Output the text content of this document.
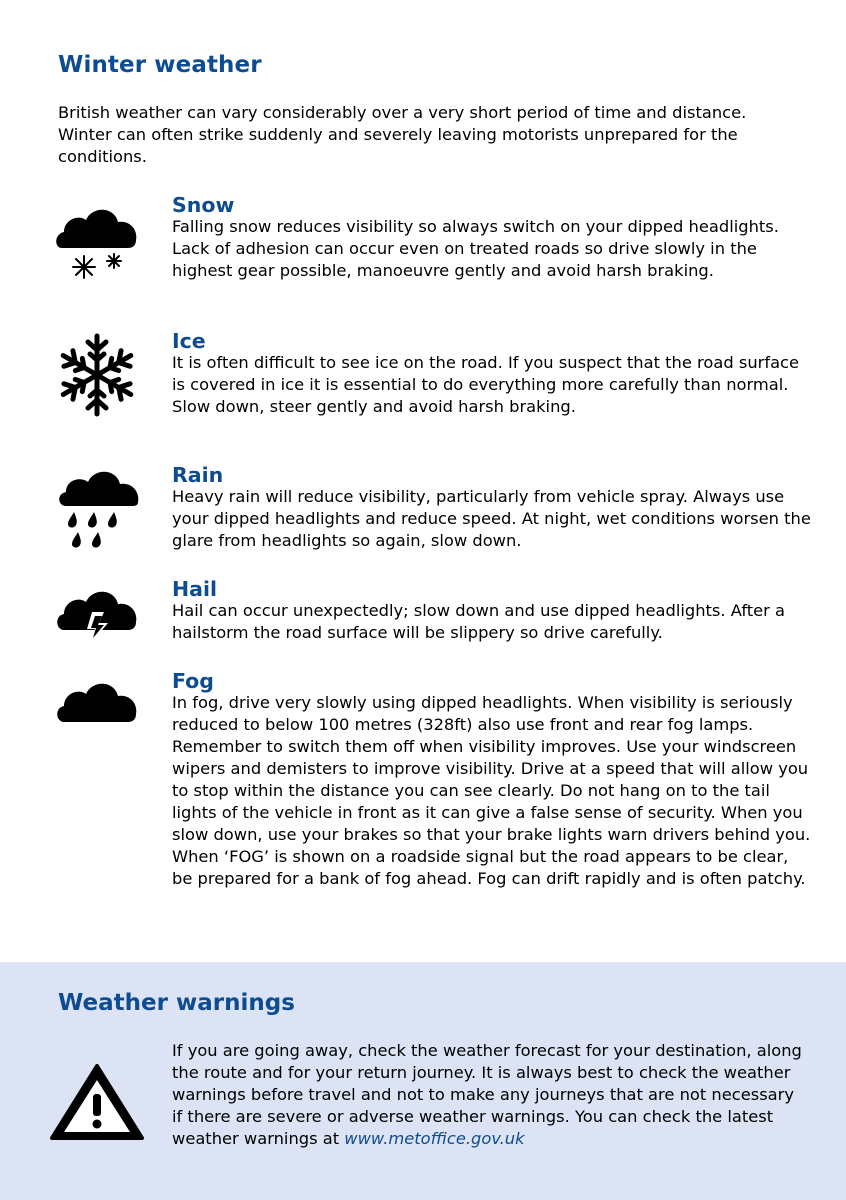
Winter weather

British weather can vary considerably over a very short period of time and distance. Winter can often strike suddenly and severely leaving motorists unprepared for the conditions.

Snow

Falling snow reduces visibility so always switch on your dipped headlights. Lack of adhesion can occur even on treated roads so drive slowly in the highest gear possible, manoeuvre gently and avoid harsh braking.

Ice

It is often difficult to see ice on the road. If you suspect that the road surface is covered in ice it is essential to do everything more carefully than normal. Slow down, steer gently and avoid harsh braking.

Rain

Heavy rain will reduce visibility, particularly from vehicle spray. Always use your dipped headlights and reduce speed. At night, wet conditions worsen the glare from headlights so again, slow down.

Hail

Hail can occur unexpectedly; slow down and use dipped headlights. After a hailstorm the road surface will be slippery so drive carefully.

Fog

In fog, drive very slowly using dipped headlights. When visibility is seriously reduced to below 100 metres (328ft) also use front and rear fog lamps. Remember to switch them off when visibility improves. Use your windscreen wipers and demisters to improve visibility. Drive at a speed that will allow you to stop within the distance you can see clearly. Do not hang on to the tail lights of the vehicle in front as it can give a false sense of security. When you slow down, use your brakes so that your brake lights warn drivers behind you. When ‘FOG’ is shown on a roadside signal but the road appears to be clear, be prepared for a bank of fog ahead. Fog can drift rapidly and is often patchy.

Weather warnings

If you are going away, check the weather forecast for your destination, along the route and for your return journey. It is always best to check the weather warnings before travel and not to make any journeys that are not necessary if there are severe or adverse weather warnings. You can check the latest weather warnings at www.metoffice.gov.uk
